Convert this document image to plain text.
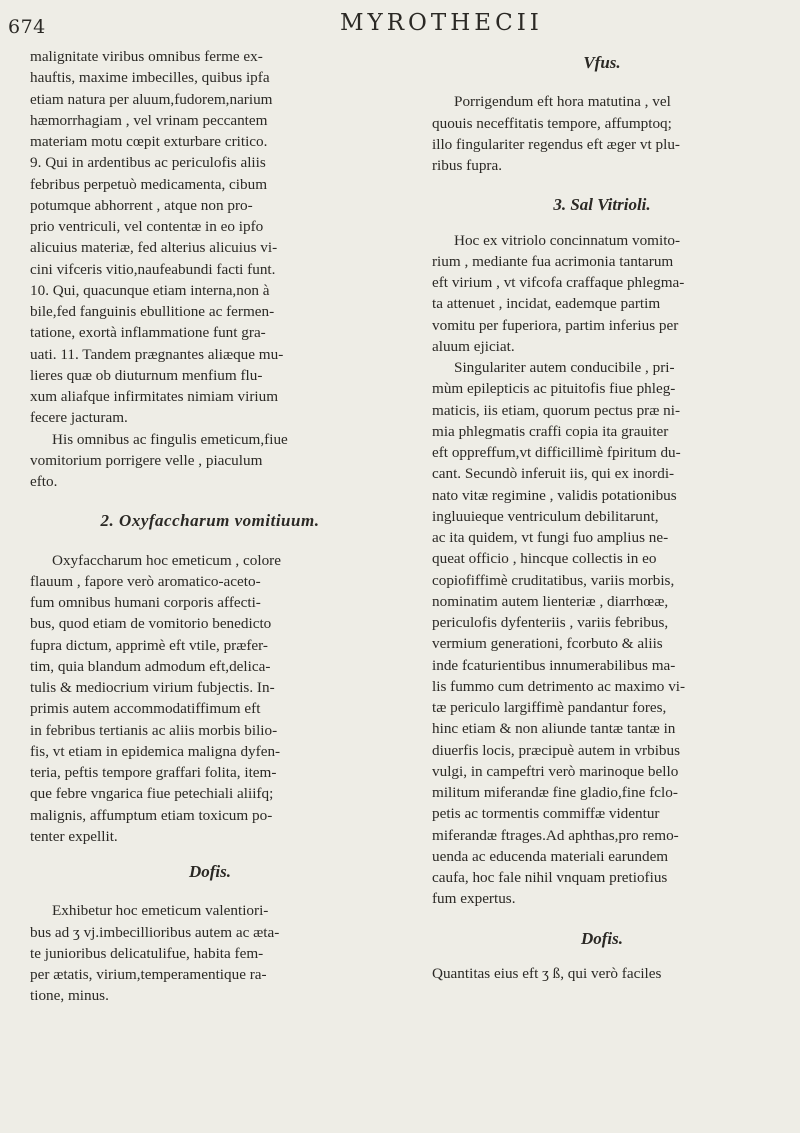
674	MYROTHECII

malignitate viribus omnibus ferme ex-
hauftis, maxime imbecilles, quibus ipfa
etiam natura per aluum,fudorem,narium
hæmorrhagiam , vel vrinam peccantem
materiam motu cœpit exturbare critico.
9. Qui in ardentibus ac periculofis aliis
febribus perpetuò medicamenta, cibum
potumque abhorrent , atque non pro-
prio ventriculi, vel contentæ in eo ipfo
alicuius materiæ, fed alterius alicuius vi-
cini vifceris vitio,naufeabundi facti funt.
10. Qui, quacunque etiam interna,non à
bile,fed fanguinis ebullitione ac fermen-
tatione, exortà inflammatione funt gra-
uati. 11. Tandem prægnantes aliæque mu-
lieres quæ ob diuturnum menfium flu-
xum aliafque infirmitates nimiam virium
fecere jacturam.

His omnibus ac fingulis emeticum,fiue
vomitorium porrigere velle , piaculum
efto.

2. Oxyfaccharum vomitiuum.

Oxyfaccharum hoc emeticum , colore
flauum , fapore verò aromatico-aceto-
fum omnibus humani corporis affecti-
bus, quod etiam de vomitorio benedicto
fupra dictum, apprimè eft vtile, præfer-
tim, quia blandum admodum eft,delica-
tulis & mediocrium virium fubjectis. In-
primis autem accommodatiffimum eft
in febribus tertianis ac aliis morbis bilio-
fis, vt etiam in epidemica maligna dyfen-
teria, peftis tempore graffari folita, item-
que febre vngarica fiue petechiali aliifq;
malignis, affumptum etiam toxicum po-
tenter expellit.

Dofis.

Exhibetur hoc emeticum valentiori-
bus ad ʒ vj.imbecillioribus autem ac æta-
te junioribus delicatulifue, habita fem-
per ætatis, virium,temperamentique ra-
tione, minus.

Vfus.

Porrigendum eft hora matutina , vel
quouis neceffitatis tempore, affumptoq;
illo fingulariter regendus eft æger vt plu-
ribus fupra.

3. Sal Vitrioli.

Hoc ex vitriolo concinnatum vomito-
rium , mediante fua acrimonia tantarum
eft virium , vt vifcofa craffaque phlegma-
ta attenuet , incidat, eademque partim
vomitu per fuperiora, partim inferius per
aluum ejiciat.

Singulariter autem conducibile , pri-
mùm epilepticis ac pituitofis fiue phleg-
maticis, iis etiam, quorum pectus præ ni-
mia phlegmatis craffi copia ita grauiter
eft oppreffum,vt difficillimè fpiritum du-
cant. Secundò inferuit iis, qui ex inordi-
nato vitæ regimine , validis potationibus
ingluuieque ventriculum debilitarunt,
ac ita quidem, vt fungi fuo amplius ne-
queat officio , hincque collectis in eo
copiofiffimè cruditatibus, variis morbis,
nominatim autem lienteriæ , diarrhœæ,
periculofis dyfenteriis , variis febribus,
vermium generationi, fcorbuto & aliis
inde fcaturientibus innumerabilibus ma-
lis fummo cum detrimento ac maximo vi-
tæ periculo largiffimè pandantur fores,
hinc etiam & non aliunde tantæ tantæ in
diuerfis locis, præcipuè autem in vrbibus
vulgi, in campeftri verò marinoque bello
militum miferandæ fine gladio,fine fclo-
petis ac tormentis commiffæ videntur
miferandæ ftrages.Ad aphthas,pro remo-
uenda ac educenda materiali earundem
caufa, hoc fale nihil vnquam pretiofius
fum expertus.

Dofis.

Quantitas eius eft ʒ ß, qui verò faciles
